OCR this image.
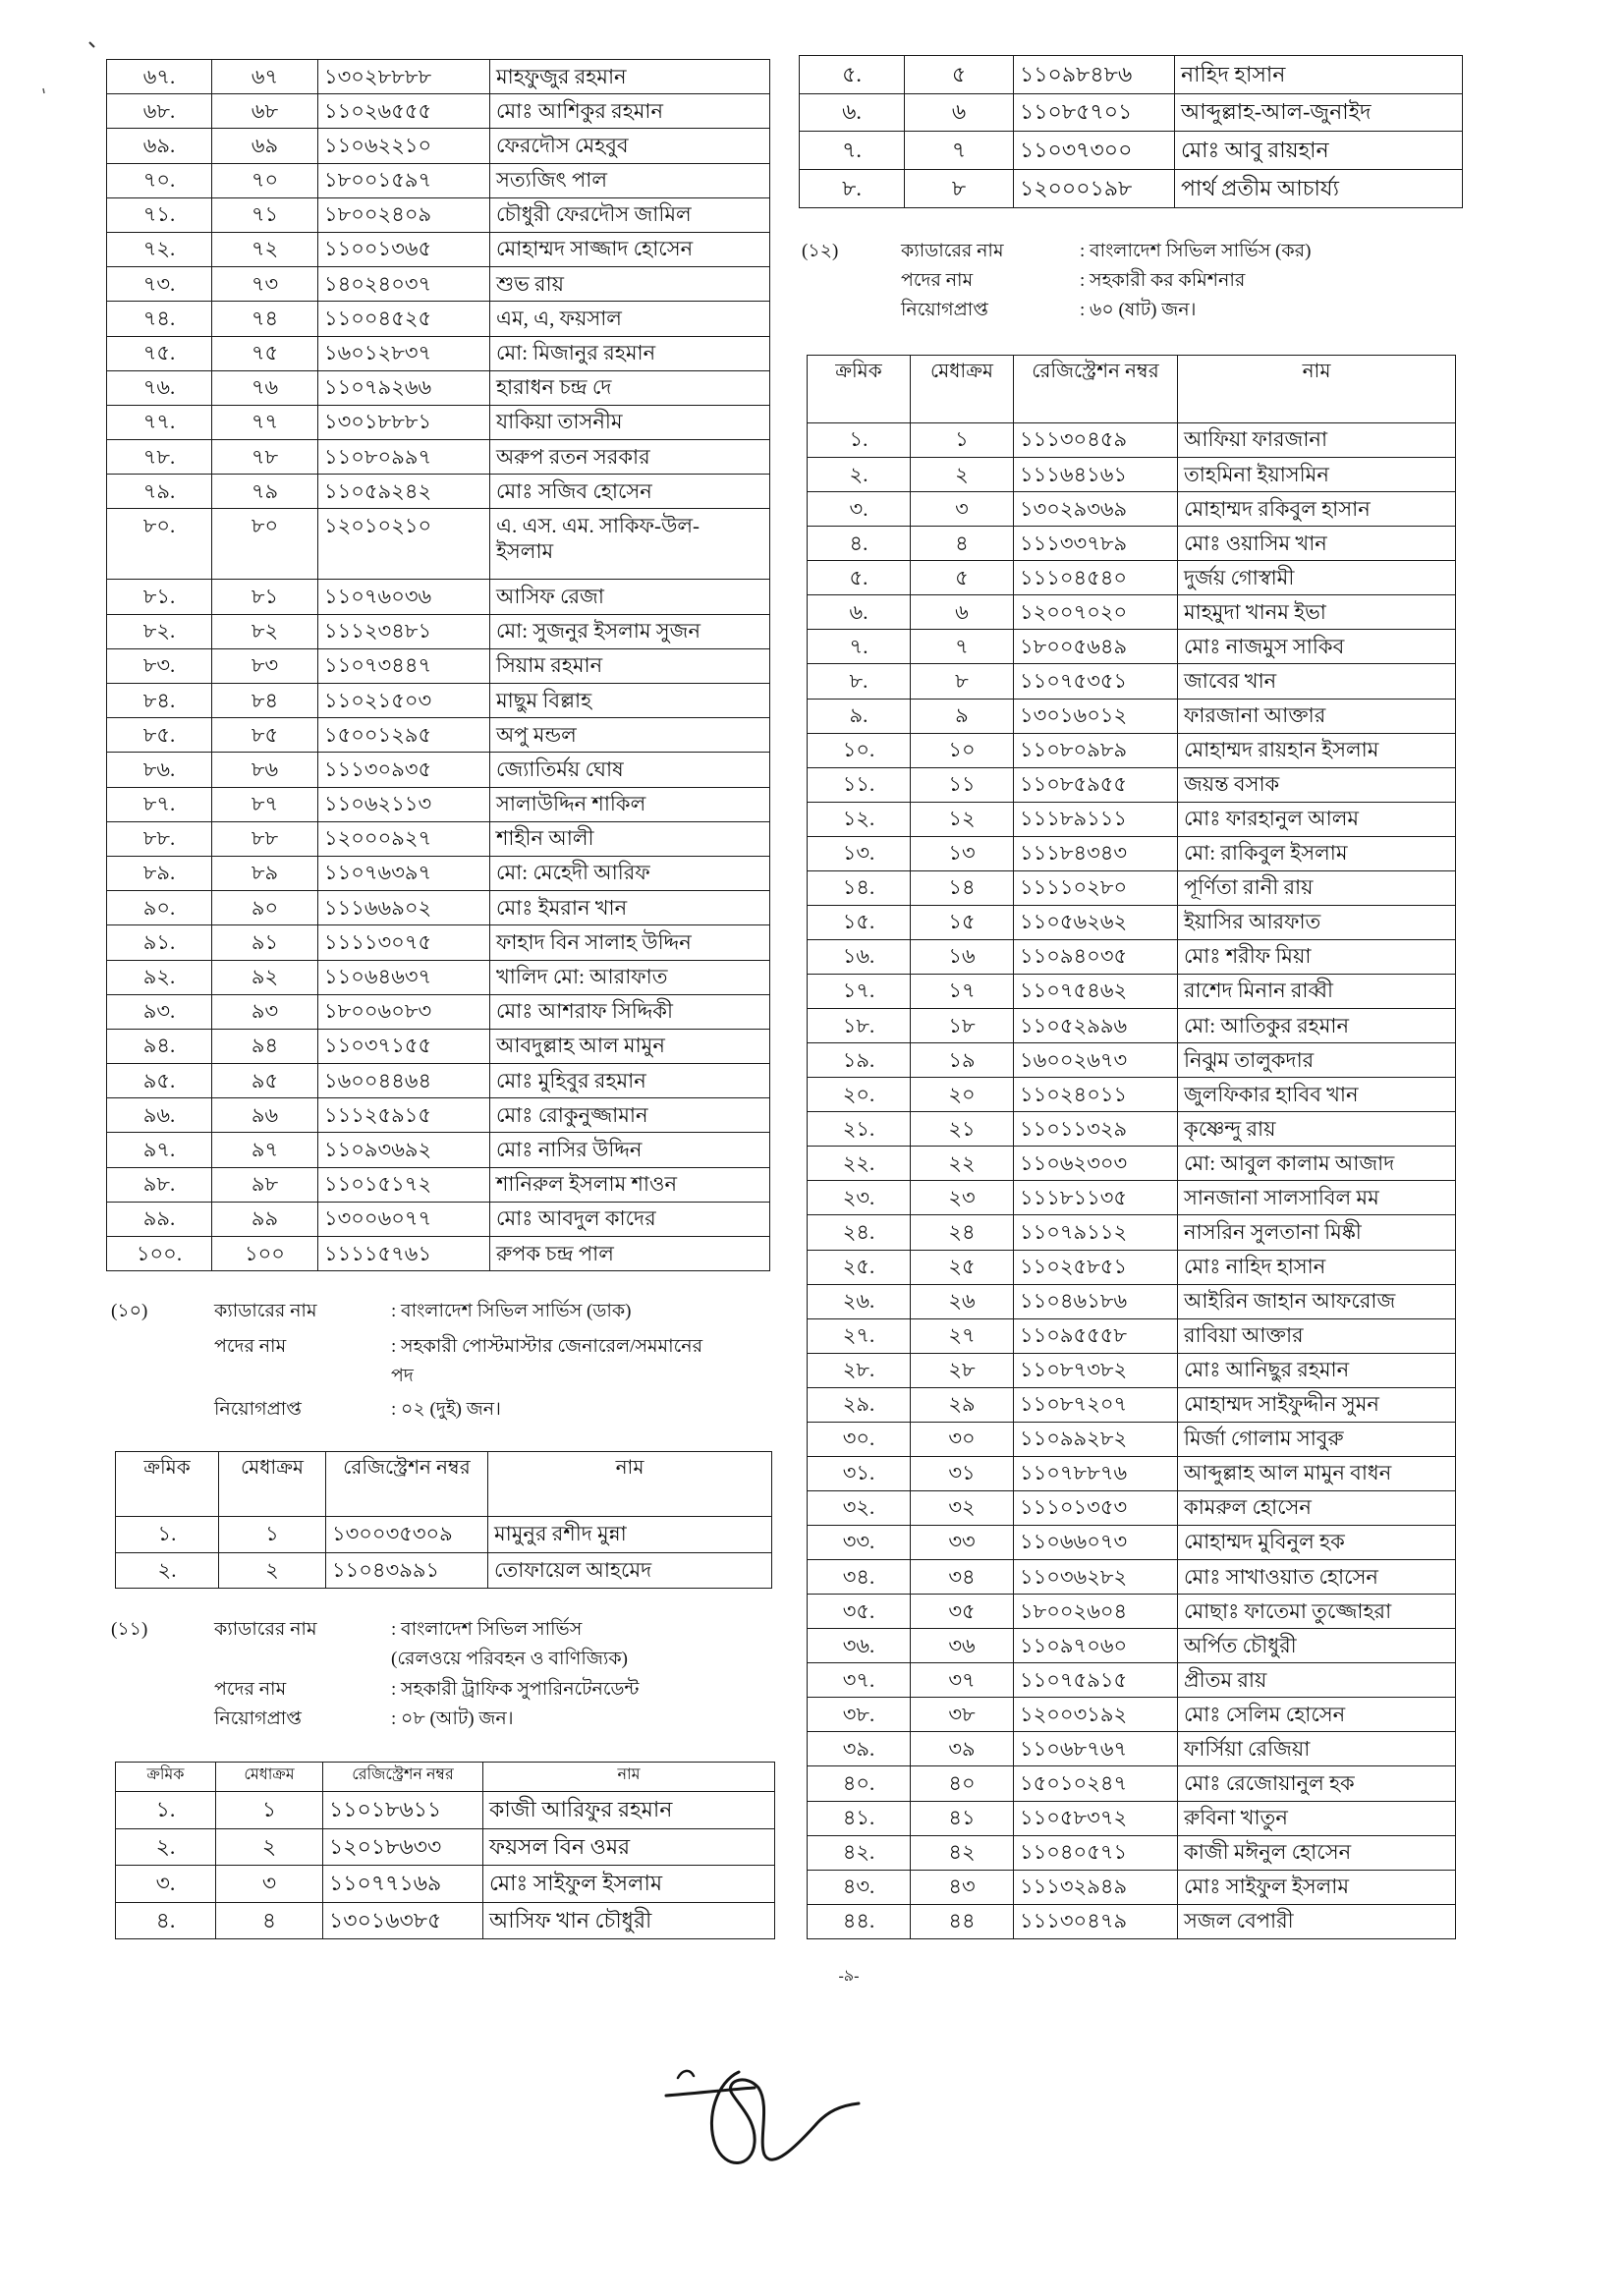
৬৭.	৬৭	১৩০২৮৮৮৮	মাহফুজুর রহমান
৬৮.	৬৮	১১০২৬৫৫৫	মোঃ আশিকুর রহমান
৬৯.	৬৯	১১০৬২২১০	ফেরদৌস মেহবুব
৭০.	৭০	১৮০০১৫৯৭	সত্যজিৎ পাল
৭১.	৭১	১৮০০২৪০৯	চৌধুরী ফেরদৌস জামিল
৭২.	৭২	১১০০১৩৬৫	মোহাম্মদ সাজ্জাদ হোসেন
৭৩.	৭৩	১৪০২৪০৩৭	শুভ রায়
৭৪.	৭৪	১১০০৪৫২৫	এম, এ, ফয়সাল
৭৫.	৭৫	১৬০১২৮৩৭	মো: মিজানুর রহমান
৭৬.	৭৬	১১০৭৯২৬৬	হারাধন চন্দ্র দে
৭৭.	৭৭	১৩০১৮৮৮১	যাকিয়া তাসনীম
৭৮.	৭৮	১১০৮০৯৯৭	অরুপ রতন সরকার
৭৯.	৭৯	১১০৫৯২৪২	মোঃ সজিব হোসেন
৮০.	৮০	১২০১০২১০	এ. এস. এম. সাকিফ-উল-
ইসলাম
৮১.	৮১	১১০৭৬০৩৬	আসিফ রেজা
৮২.	৮২	১১১২৩৪৮১	মো: সুজনুর ইসলাম সুজন
৮৩.	৮৩	১১০৭৩৪৪৭	সিয়াম রহমান
৮৪.	৮৪	১১০২১৫০৩	মাছুম বিল্লাহ
৮৫.	৮৫	১৫০০১২৯৫	অপু মন্ডল
৮৬.	৮৬	১১১৩০৯৩৫	জ্যোতির্ময় ঘোষ
৮৭.	৮৭	১১০৬২১১৩	সালাউদ্দিন শাকিল
৮৮.	৮৮	১২০০০৯২৭	শাহীন আলী
৮৯.	৮৯	১১০৭৬৩৯৭	মো: মেহেদী আরিফ
৯০.	৯০	১১১৬৬৯০২	মোঃ ইমরান খান
৯১.	৯১	১১১১৩০৭৫	ফাহাদ বিন সালাহ উদ্দিন
৯২.	৯২	১১০৬৪৬৩৭	খালিদ মো: আরাফাত
৯৩.	৯৩	১৮০০৬০৮৩	মোঃ আশরাফ সিদ্দিকী
৯৪.	৯৪	১১০৩৭১৫৫	আবদুল্লাহ আল মামুন
৯৫.	৯৫	১৬০০৪৪৬৪	মোঃ মুহিবুর রহমান
৯৬.	৯৬	১১১২৫৯১৫	মোঃ রোকুনুজ্জামান
৯৭.	৯৭	১১০৯৩৬৯২	মোঃ নাসির উদ্দিন
৯৮.	৯৮	১১০১৫১৭২	শানিরুল ইসলাম শাওন
৯৯.	৯৯	১৩০০৬০৭৭	মোঃ আবদুল কাদের
১০০.	১০০	১১১১৫৭৬১	রুপক চন্দ্র পাল
(১০)	ক্যাডারের নাম	: বাংলাদেশ সিভিল সার্ভিস (ডাক)
পদের নাম	: সহকারী পোস্টমাস্টার জেনারেল/সমমানের
পদ
নিয়োগপ্রাপ্ত	: ০২ (দুই) জন।
ক্রমিক	মেধাক্রম	রেজিস্ট্রেশন নম্বর	নাম
১.	১	১৩০০৩৫৩০৯	মামুনুর রশীদ মুন্না
২.	২	১১০৪৩৯৯১	তোফায়েল আহমেদ
(১১)	ক্যাডারের নাম	: বাংলাদেশ সিভিল সার্ভিস
(রেলওয়ে পরিবহন ও বাণিজ্যিক)
পদের নাম	: সহকারী ট্রাফিক সুপারিনটেনডেন্ট
নিয়োগপ্রাপ্ত	: ০৮ (আট) জন।
ক্রমিক	মেধাক্রম	রেজিস্ট্রেশন নম্বর	নাম
১.	১	১১০১৮৬১১	কাজী আরিফুর রহমান
২.	২	১২০১৮৬৩৩	ফয়সল বিন ওমর
৩.	৩	১১০৭৭১৬৯	মোঃ সাইফুল ইসলাম
৪.	৪	১৩০১৬৩৮৫	আসিফ খান চৌধুরী
৫.	৫	১১০৯৮৪৮৬	নাহিদ হাসান
৬.	৬	১১০৮৫৭০১	আব্দুল্লাহ-আল-জুনাইদ
৭.	৭	১১০৩৭৩০০	মোঃ আবু রায়হান
৮.	৮	১২০০০১৯৮	পার্থ প্রতীম আচার্য্য
(১২)	ক্যাডারের নাম	: বাংলাদেশ সিভিল সার্ভিস (কর)
পদের নাম	: সহকারী কর কমিশনার
নিয়োগপ্রাপ্ত	: ৬০ (ষাট) জন।
ক্রমিক	মেধাক্রম	রেজিস্ট্রেশন নম্বর	নাম
১.	১	১১১৩০৪৫৯	আফিয়া ফারজানা
২.	২	১১১৬৪১৬১	তাহমিনা ইয়াসমিন
৩.	৩	১৩০২৯৩৬৯	মোহাম্মদ রকিবুল হাসান
৪.	৪	১১১৩৩৭৮৯	মোঃ ওয়াসিম খান
৫.	৫	১১১০৪৫৪০	দুর্জয় গোস্বামী
৬.	৬	১২০০৭০২০	মাহমুদা খানম ইভা
৭.	৭	১৮০০৫৬৪৯	মোঃ নাজমুস সাকিব
৮.	৮	১১০৭৫৩৫১	জাবের খান
৯.	৯	১৩০১৬০১২	ফারজানা আক্তার
১০.	১০	১১০৮০৯৮৯	মোহাম্মদ রায়হান ইসলাম
১১.	১১	১১০৮৫৯৫৫	জয়ন্ত বসাক
১২.	১২	১১১৮৯১১১	মোঃ ফারহানুল আলম
১৩.	১৩	১১১৮৪৩৪৩	মো: রাকিবুল ইসলাম
১৪.	১৪	১১১১০২৮০	পূর্ণিতা রানী রায়
১৫.	১৫	১১০৫৬২৬২	ইয়াসির আরফাত
১৬.	১৬	১১০৯৪০৩৫	মোঃ শরীফ মিয়া
১৭.	১৭	১১০৭৫৪৬২	রাশেদ মিনান রাব্বী
১৮.	১৮	১১০৫২৯৯৬	মো: আতিকুর রহমান
১৯.	১৯	১৬০০২৬৭৩	নিঝুম তালুকদার
২০.	২০	১১০২৪০১১	জুলফিকার হাবিব খান
২১.	২১	১১০১১৩২৯	কৃষ্ণেন্দু রায়
২২.	২২	১১০৬২৩০৩	মো: আবুল কালাম আজাদ
২৩.	২৩	১১১৮১১৩৫	সানজানা সালসাবিল মম
২৪.	২৪	১১০৭৯১১২	নাসরিন সুলতানা মিষ্কী
২৫.	২৫	১১০২৫৮৫১	মোঃ নাহিদ হাসান
২৬.	২৬	১১০৪৬১৮৬	আইরিন জাহান আফরোজ
২৭.	২৭	১১০৯৫৫৫৮	রাবিয়া আক্তার
২৮.	২৮	১১০৮৭৩৮২	মোঃ আনিছুর রহমান
২৯.	২৯	১১০৮৭২০৭	মোহাম্মদ সাইফুদ্দীন সুমন
৩০.	৩০	১১০৯৯২৮২	মির্জা গোলাম সাবুরু
৩১.	৩১	১১০৭৮৮৭৬	আব্দুল্লাহ আল মামুন বাধন
৩২.	৩২	১১১০১৩৫৩	কামরুল হোসেন
৩৩.	৩৩	১১০৬৬০৭৩	মোহাম্মদ মুবিনুল হক
৩৪.	৩৪	১১০৩৬২৮২	মোঃ সাখাওয়াত হোসেন
৩৫.	৩৫	১৮০০২৬০৪	মোছাঃ ফাতেমা তুজ্জোহরা
৩৬.	৩৬	১১০৯৭০৬০	অর্পিত চৌধুরী
৩৭.	৩৭	১১০৭৫৯১৫	প্রীতম রায়
৩৮.	৩৮	১২০০৩১৯২	মোঃ সেলিম হোসেন
৩৯.	৩৯	১১০৬৮৭৬৭	ফার্সিয়া রেজিয়া
৪০.	৪০	১৫০১০২৪৭	মোঃ রেজোয়ানুল হক
৪১.	৪১	১১০৫৮৩৭২	রুবিনা খাতুন
৪২.	৪২	১১০৪০৫৭১	কাজী মঈনুল হোসেন
৪৩.	৪৩	১১১৩২৯৪৯	মোঃ সাইফুল ইসলাম
৪৪.	৪৪	১১১৩০৪৭৯	সজল বেপারী
-৯-
